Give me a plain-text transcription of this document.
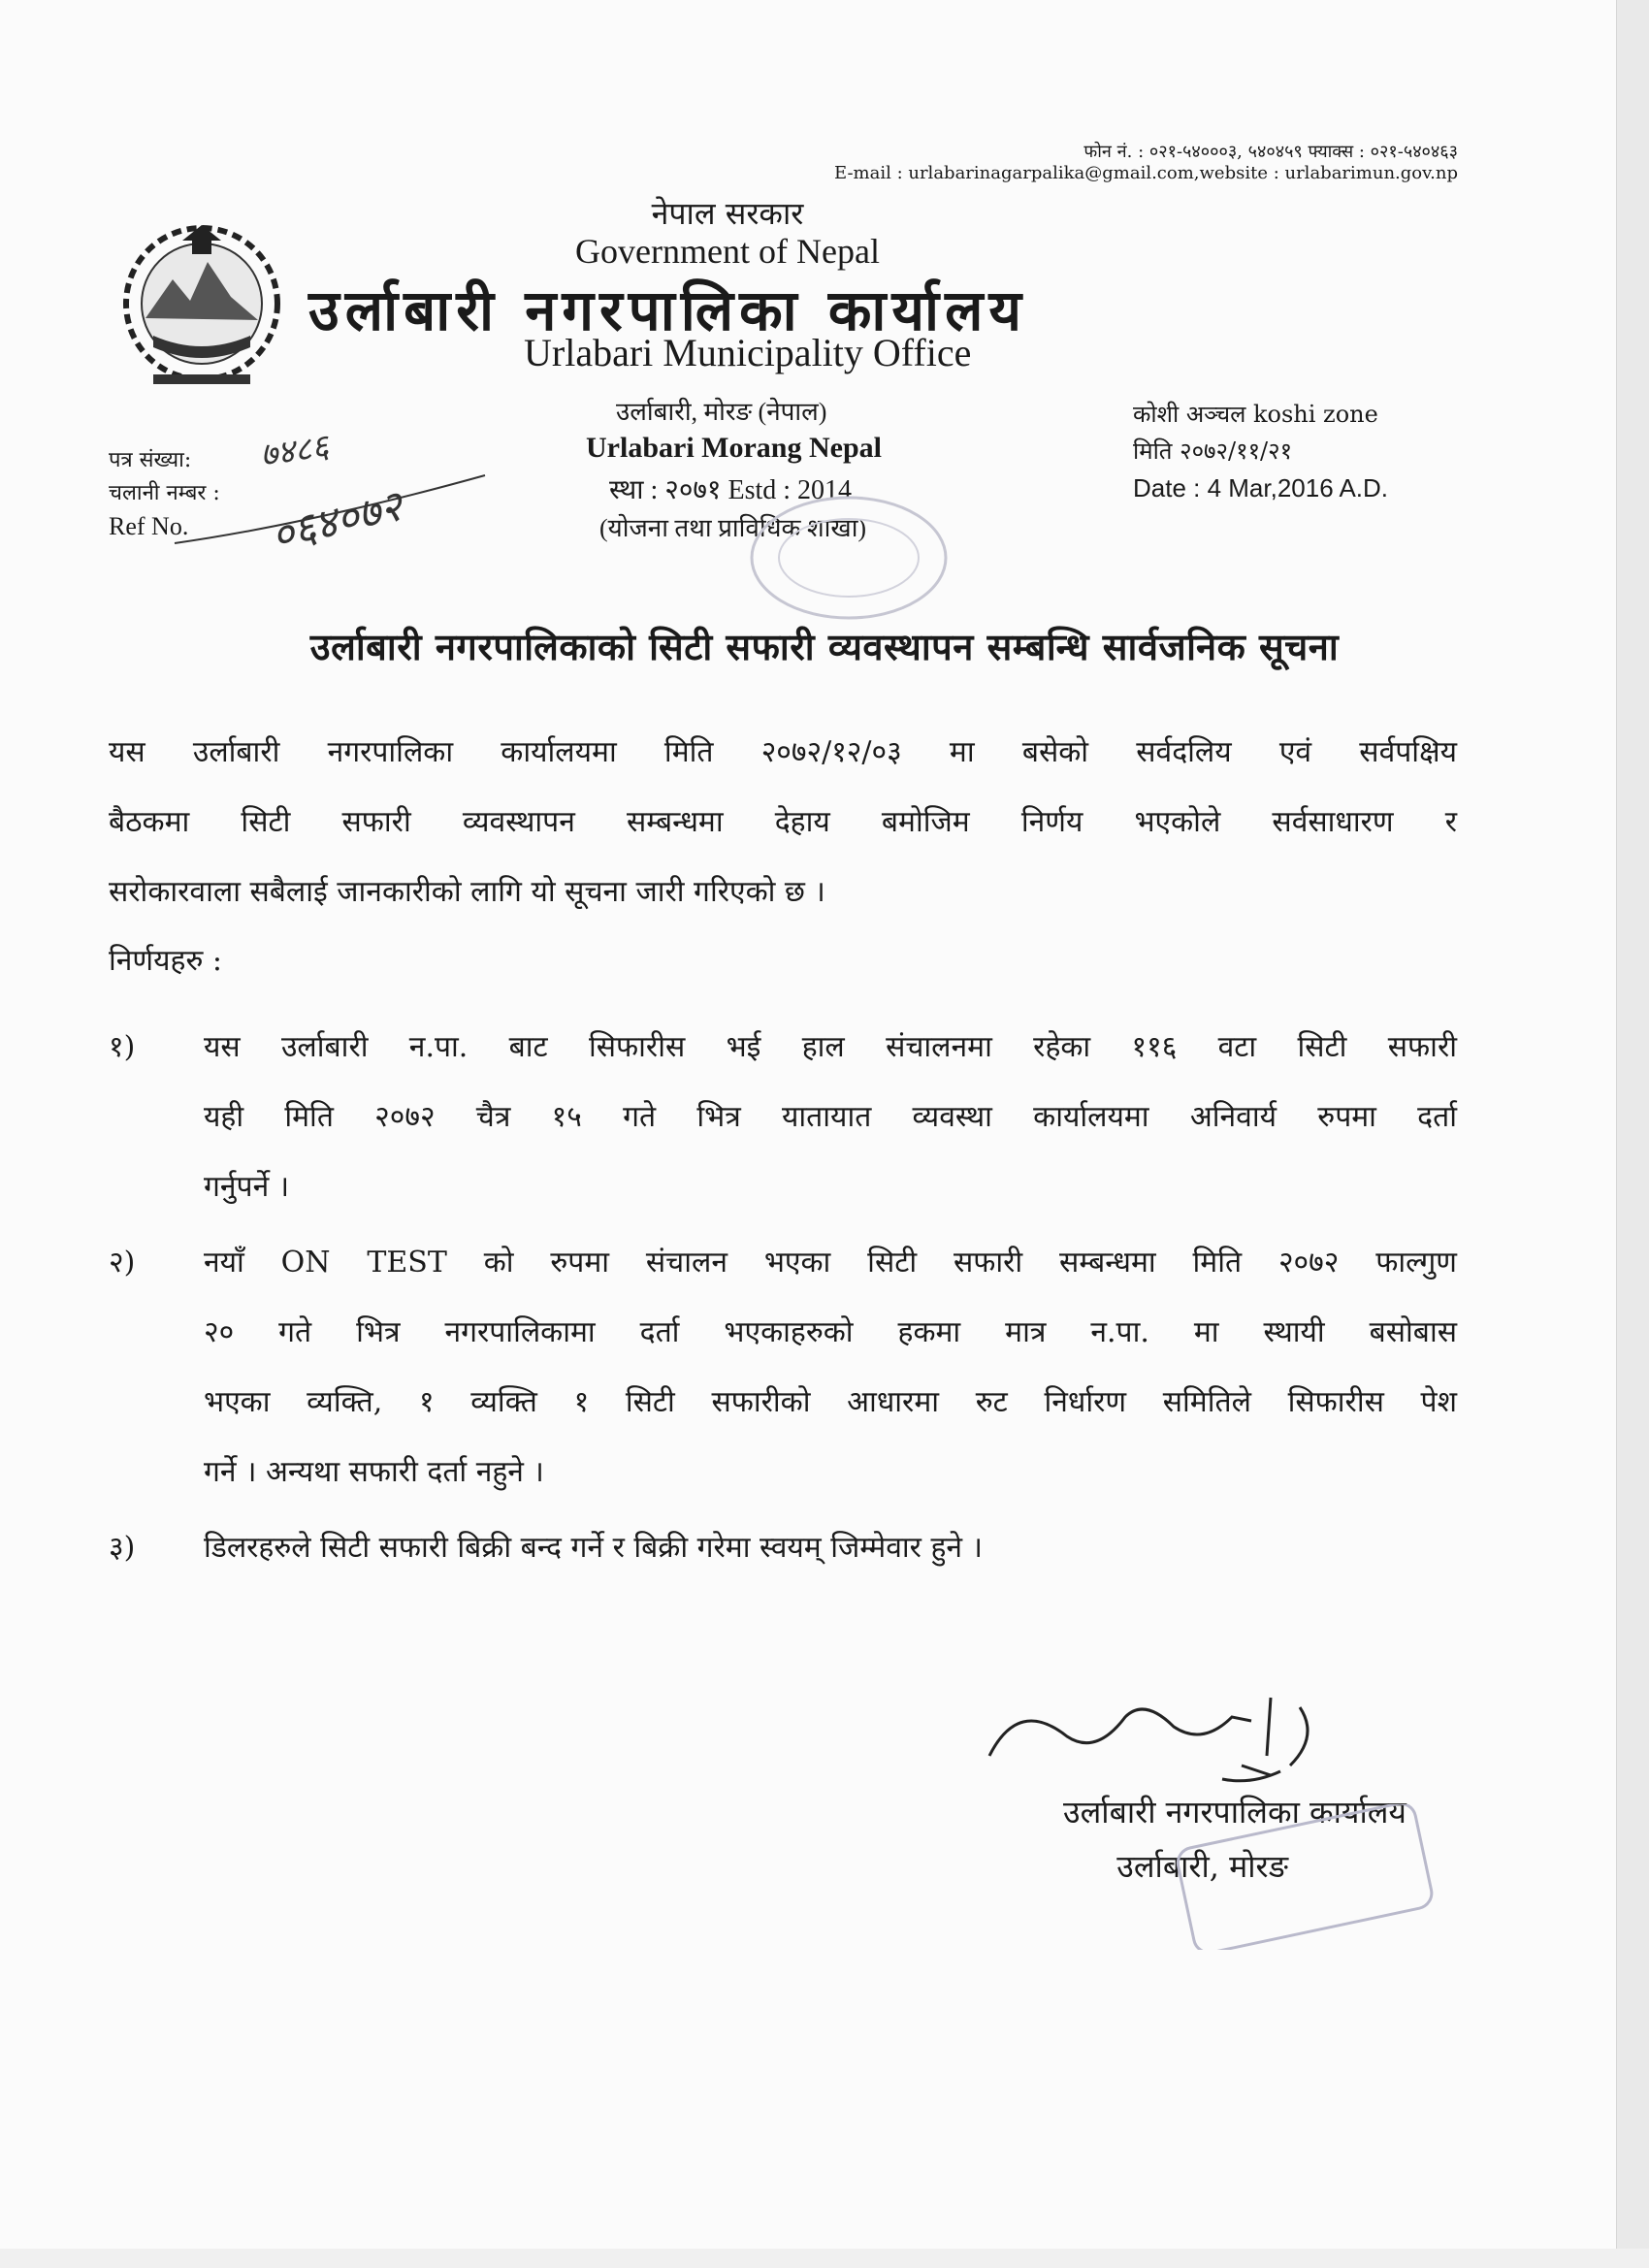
फोन नं. : ०२१-५४०००३, ५४०४५९ फ्याक्स : ०२१-५४०४६३
E-mail : urlabarinagarpalika@gmail.com,website : urlabarimun.gov.np
नेपाल सरकार
Government of Nepal
उर्लाबारी नगरपालिका कार्यालय
Urlabari Municipality Office
उर्लाबारी, मोरङ (नेपाल)
Urlabari Morang Nepal
स्था : २०७१ Estd : 2014
(योजना तथा प्राविधिक शाखा)
पत्र संख्या:
चलानी नम्बर :
Ref No.
७४८६
०६४०७२
कोशी अञ्चल koshi zone
मिति २०७२/११/२१
Date : 4 Mar,2016 A.D.
उर्लाबारी नगरपालिकाको सिटी सफारी व्यवस्थापन सम्बन्धि सार्वजनिक सूचना

यस उर्लाबारी नगरपालिका कार्यालयमा मिति २०७२/१२/०३ मा बसेको सर्वदलिय एवं सर्वपक्षिय

बैठकमा सिटी सफारी व्यवस्थापन सम्बन्धमा देहाय बमोजिम निर्णय भएकोले सर्वसाधारण र

सरोकारवाला सबैलाई जानकारीको लागि यो सूचना जारी गरिएको छ ।

निर्णयहरु :
१) यस उर्लाबारी न.पा. बाट सिफारीस भई हाल संचालनमा रहेका ११६ वटा सिटी सफारी

यही मिति २०७२ चैत्र १५ गते भित्र यातायात व्यवस्था कार्यालयमा अनिवार्य रुपमा दर्ता

गर्नुपर्ने ।

२) नयाँ ON TEST को रुपमा संचालन भएका सिटी सफारी सम्बन्धमा मिति २०७२ फाल्गुण

२० गते भित्र नगरपालिकामा दर्ता भएकाहरुको हकमा मात्र न.पा. मा स्थायी बसोबास

भएका व्यक्ति, १ व्यक्ति १ सिटी सफारीको आधारमा रुट निर्धारण समितिले सिफारीस पेश

गर्ने । अन्यथा सफारी दर्ता नहुने ।

३) डिलरहरुले सिटी सफारी बिक्री बन्द गर्ने र बिक्री गरेमा स्वयम् जिम्मेवार हुने ।

उर्लाबारी नगरपालिका कार्यालय
उर्लाबारी, मोरङ
